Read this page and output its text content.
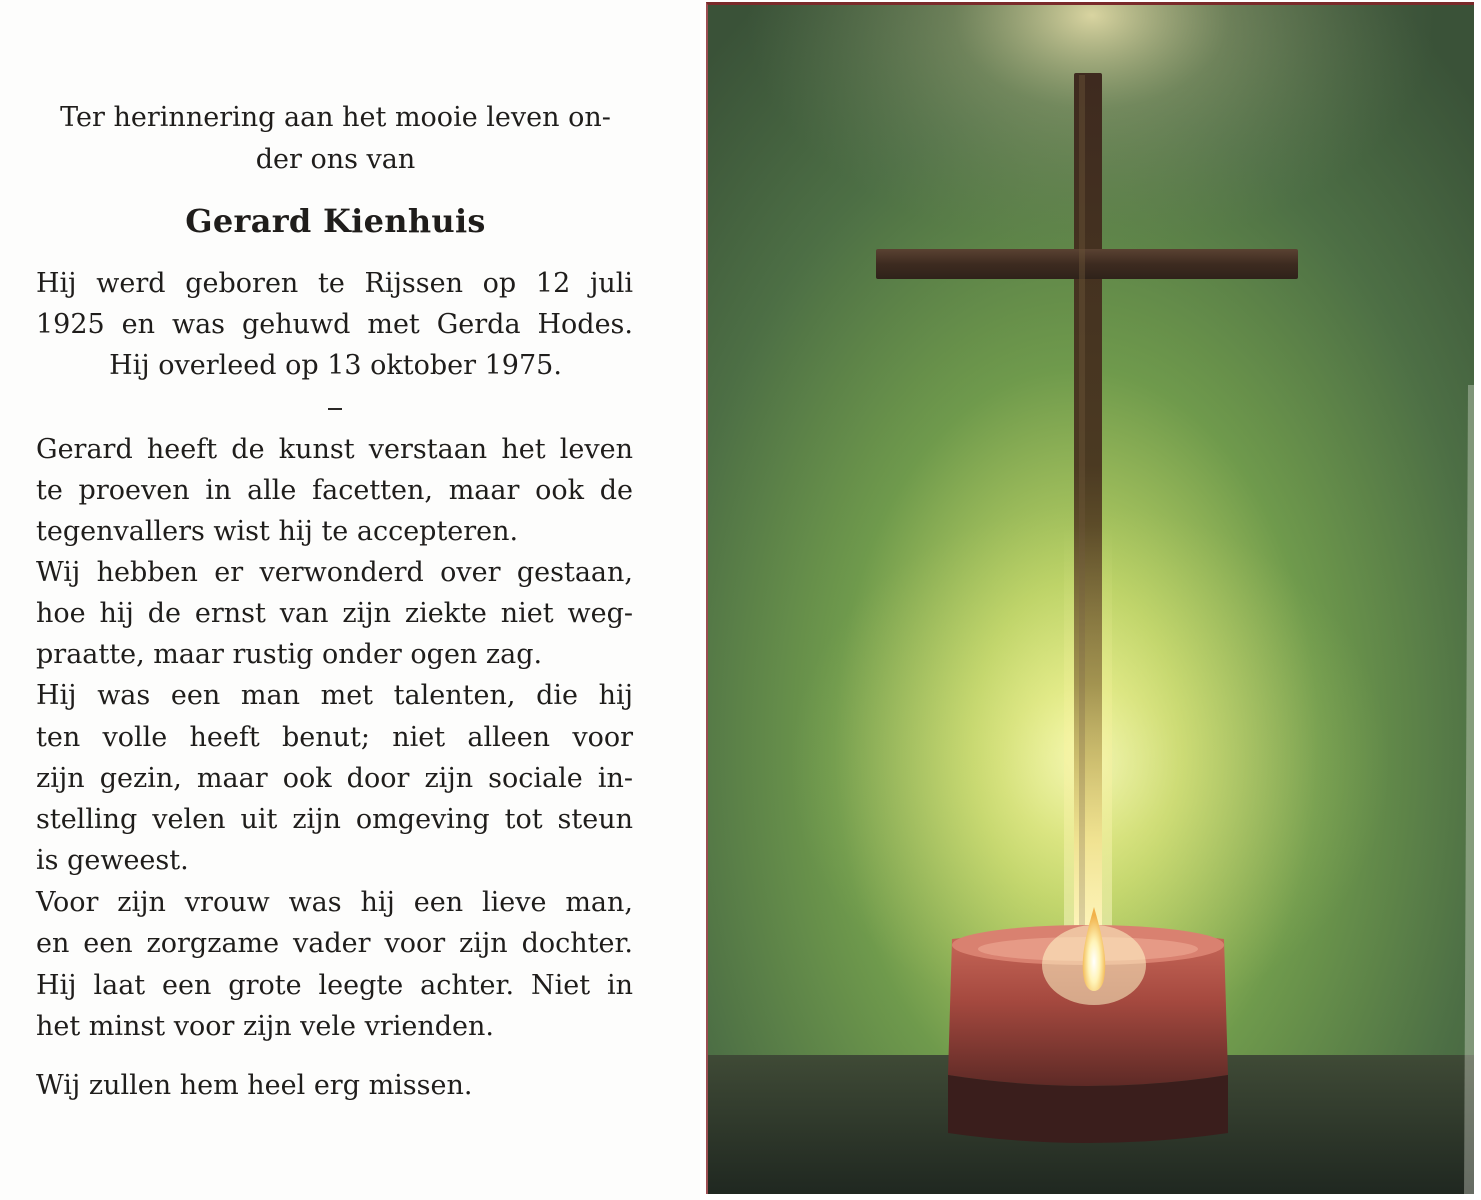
Ter herinnering aan het mooie leven on-
der ons van
Gerard Kienhuis
Hij werd geboren te Rijssen op 12 juli
1925 en was gehuwd met Gerda Hodes.
Hij overleed op 13 oktober 1975.
Gerard heeft de kunst verstaan het leven
te proeven in alle facetten, maar ook de
tegenvallers wist hij te accepteren.
Wij hebben er verwonderd over gestaan,
hoe hij de ernst van zijn ziekte niet weg-
praatte, maar rustig onder ogen zag.
Hij was een man met talenten, die hij
ten volle heeft benut; niet alleen voor
zijn gezin, maar ook door zijn sociale in-
stelling velen uit zijn omgeving tot steun
is geweest.
Voor zijn vrouw was hij een lieve man,
en een zorgzame vader voor zijn dochter.
Hij laat een grote leegte achter. Niet in
het minst voor zijn vele vrienden.
Wij zullen hem heel erg missen.
